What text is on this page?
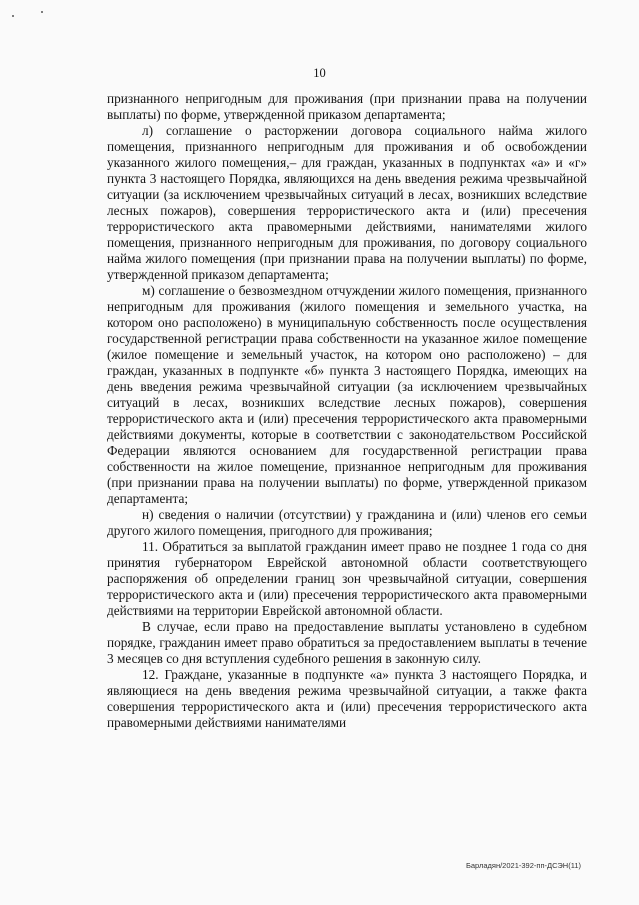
10

признанного непригодным для проживания (при признании права на получении выплаты) по форме, утвержденной приказом департамента;

л) соглашение о расторжении договора социального найма жилого помещения, признанного непригодным для проживания и об освобождении указанного жилого помещения,– для граждан, указанных в подпунктах «а» и «г» пункта 3 настоящего Порядка, являющихся на день введения режима чрезвычайной ситуации (за исключением чрезвычайных ситуаций в лесах, возникших вследствие лесных пожаров), совершения террористического акта и (или) пресечения террористического акта правомерными действиями, нанимателями жилого помещения, признанного непригодным для проживания, по договору социального найма жилого помещения (при признании права на получении выплаты) по форме, утвержденной приказом департамента;

м) соглашение о безвозмездном отчуждении жилого помещения, признанного непригодным для проживания (жилого помещения и земельного участка, на котором оно расположено) в муниципальную собственность после осуществления государственной регистрации права собственности на указанное жилое помещение (жилое помещение и земельный участок, на котором оно расположено) – для граждан, указанных в подпункте «б» пункта 3 настоящего Порядка, имеющих на день введения режима чрезвычайной ситуации (за исключением чрезвычайных ситуаций в лесах, возникших вследствие лесных пожаров), совершения террористического акта и (или) пресечения террористического акта правомерными действиями документы, которые в соответствии с законодательством Российской Федерации являются основанием для государственной регистрации права собственности на жилое помещение, признанное непригодным для проживания (при признании права на получении выплаты) по форме, утвержденной приказом департамента;

н) сведения о наличии (отсутствии) у гражданина и (или) членов его семьи другого жилого помещения, пригодного для проживания;

11. Обратиться за выплатой гражданин имеет право не позднее 1 года со дня принятия губернатором Еврейской автономной области соответствующего распоряжения об определении границ зон чрезвычайной ситуации, совершения террористического акта и (или) пресечения террористического акта правомерными действиями на территории Еврейской автономной области.

В случае, если право на предоставление выплаты установлено в судебном порядке, гражданин имеет право обратиться за предоставлением выплаты в течение 3 месяцев со дня вступления судебного решения в законную силу.

12. Граждане, указанные в подпункте «а» пункта 3 настоящего Порядка, и являющиеся на день введения режима чрезвычайной ситуации, а также факта совершения террористического акта и (или) пресечения террористического акта правомерными действиями нанимателями

Барладян/2021-392-пп-ДСЭН(11)
